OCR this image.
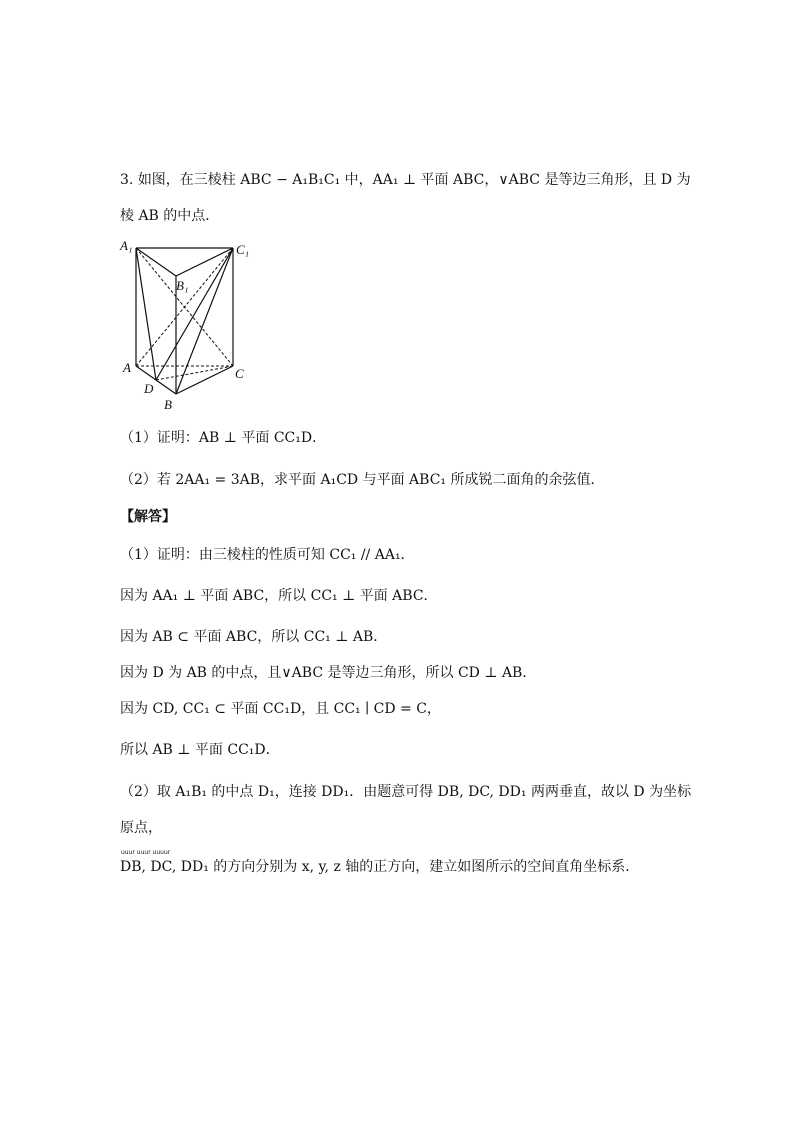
3. 如图，在三棱柱 ABC − A₁B₁C₁ 中，AA₁ ⊥ 平面 ABC，∨ABC 是等边三角形，且 D 为
棱 AB 的中点．
A₁	C₁
B₁
A	C
D
B
（1）证明：AB ⊥ 平面 CC₁D．
（2）若 2AA₁ = 3AB，求平面 A₁CD 与平面 ABC₁ 所成锐二面角的余弦值．
【解答】
（1）证明：由三棱柱的性质可知 CC₁ // AA₁．
因为 AA₁ ⊥ 平面 ABC，所以 CC₁ ⊥ 平面 ABC．
因为 AB ⊂ 平面 ABC，所以 CC₁ ⊥ AB．
因为 D 为 AB 的中点，且∨ABC 是等边三角形，所以 CD ⊥ AB．
因为 CD, CC₁ ⊂ 平面 CC₁D，且 CC₁ ∣ CD = C，
所以 AB ⊥ 平面 CC₁D．
（2）取 A₁B₁ 的中点 D₁，连接 DD₁．由题意可得 DB, DC, DD₁ 两两垂直，故以 D 为坐标
原点，
uuur uuur uuuur
DB, DC, DD₁ 的方向分别为 x, y, z 轴的正方向，建立如图所示的空间直角坐标系．
